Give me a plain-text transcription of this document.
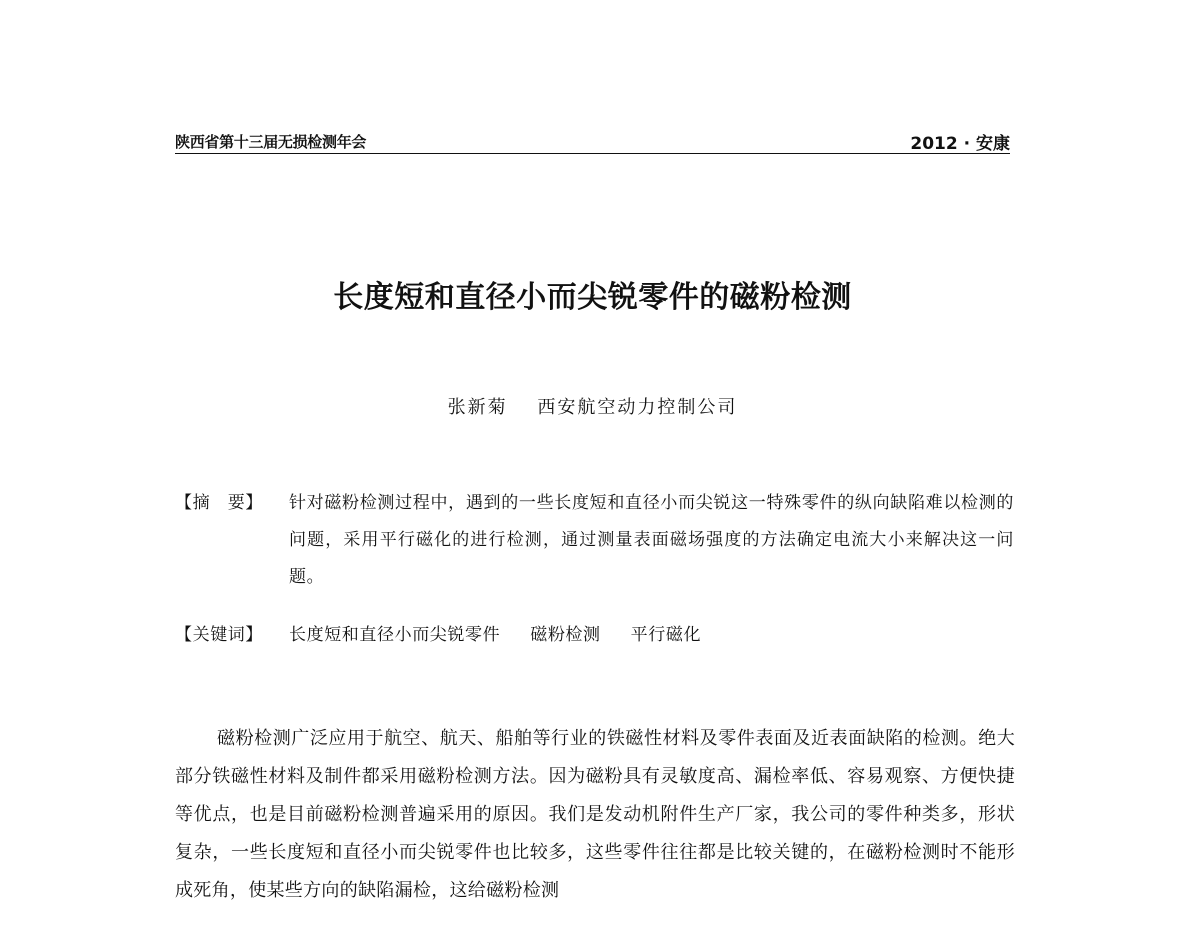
陕西省第十三届无损检测年会	2012 · 安康
长度短和直径小而尖锐零件的磁粉检测
张新菊 西安航空动力控制公司
【摘　要】	针对磁粉检测过程中，遇到的一些长度短和直径小而尖锐这一特殊零件的纵向缺陷难以检测的问题，采用平行磁化的进行检测，通过测量表面磁场强度的方法确定电流大小来解决这一问题。
【关键词】	长度短和直径小而尖锐零件 磁粉检测 平行磁化

磁粉检测广泛应用于航空、航天、船舶等行业的铁磁性材料及零件表面及近表面缺陷的检测。绝大部分铁磁性材料及制件都采用磁粉检测方法。因为磁粉具有灵敏度高、漏检率低、容易观察、方便快捷等优点，也是目前磁粉检测普遍采用的原因。我们是发动机附件生产厂家，我公司的零件种类多，形状复杂，一些长度短和直径小而尖锐零件也比较多，这些零件往往都是比较关键的，在磁粉检测时不能形成死角，使某些方向的缺陷漏检，这给磁粉检测
